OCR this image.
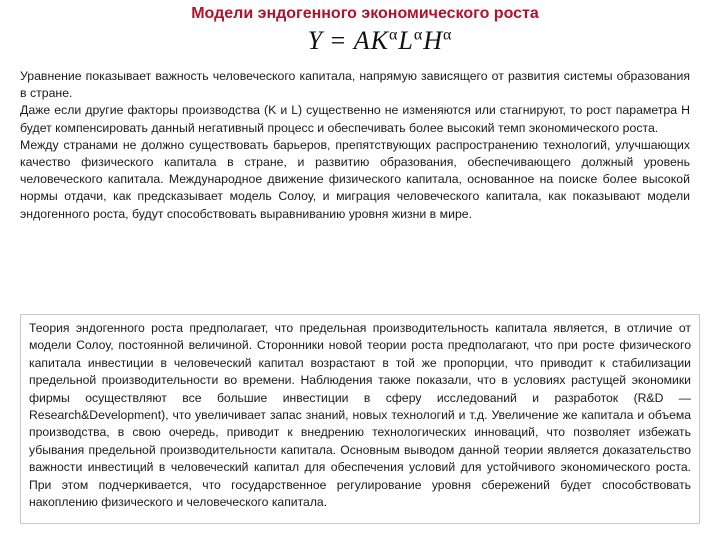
Модели эндогенного экономического роста
$Y = AK^\alpha L^\alpha H^\alpha$

Уравнение показывает важность человеческого капитала, напрямую зависящего от развития системы образования в стране.

Даже если другие факторы производства (K и L) существенно не изменяются или стагнируют, то рост параметра H будет компенсировать данный негативный процесс и обеспечивать более высокий темп экономического роста.

Между странами не должно существовать барьеров, препятствующих распространению технологий, улучшающих качество физического капитала в стране, и развитию образования, обеспечивающего должный уровень человеческого капитала. Международное движение физического капитала, основанное на поиске более высокой нормы отдачи, как предсказывает модель Солоу, и миграция человеческого капитала, как показывают модели эндогенного роста, будут способствовать выравниванию уровня жизни в мире.

Теория эндогенного роста предполагает, что предельная производительность капитала является, в отличие от модели Солоу, постоянной величиной. Сторонники новой теории роста предполагают, что при росте физического капитала инвестиции в человеческий капитал возрастают в той же пропорции, что приводит к стабилизации предельной производительности во времени. Наблюдения также показали, что в условиях растущей экономики фирмы осуществляют все большие инвестиции в сферу исследований и разработок (R&D — Research&Development), что увеличивает запас знаний, новых технологий и т.д. Увеличение же капитала и объема производства, в свою очередь, приводит к внедрению технологических инноваций, что позволяет избежать убывания предельной производительности капитала. Основным выводом данной теории является доказательство важности инвестиций в человеческий капитал для обеспечения условий для устойчивого экономического роста. При этом подчеркивается, что государственное регулирование уровня сбережений будет способствовать накоплению физического и человеческого капитала.
